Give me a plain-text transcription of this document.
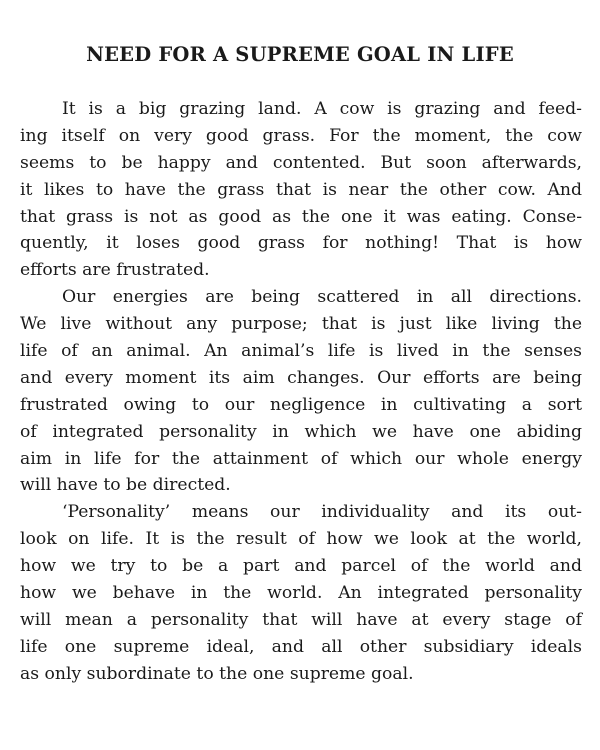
NEED FOR A SUPREME GOAL IN LIFE
It is a big grazing land. A cow is grazing and feed-
ing itself on very good grass. For the moment, the cow
seems to be happy and contented. But soon afterwards,
it likes to have the grass that is near the other cow. And
that grass is not as good as the one it was eating. Conse-
quently, it loses good grass for nothing! That is how
efforts are frustrated.
Our energies are being scattered in all directions.
We live without any purpose; that is just like living the
life of an animal. An animal’s life is lived in the senses
and every moment its aim changes. Our efforts are being
frustrated owing to our negligence in cultivating a sort
of integrated personality in which we have one abiding
aim in life for the attainment of which our whole energy
will have to be directed.
‘Personality’ means our individuality and its out-
look on life. It is the result of how we look at the world,
how we try to be a part and parcel of the world and
how we behave in the world. An integrated personality
will mean a personality that will have at every stage of
life one supreme ideal, and all other subsidiary ideals
as only subordinate to the one supreme goal.
